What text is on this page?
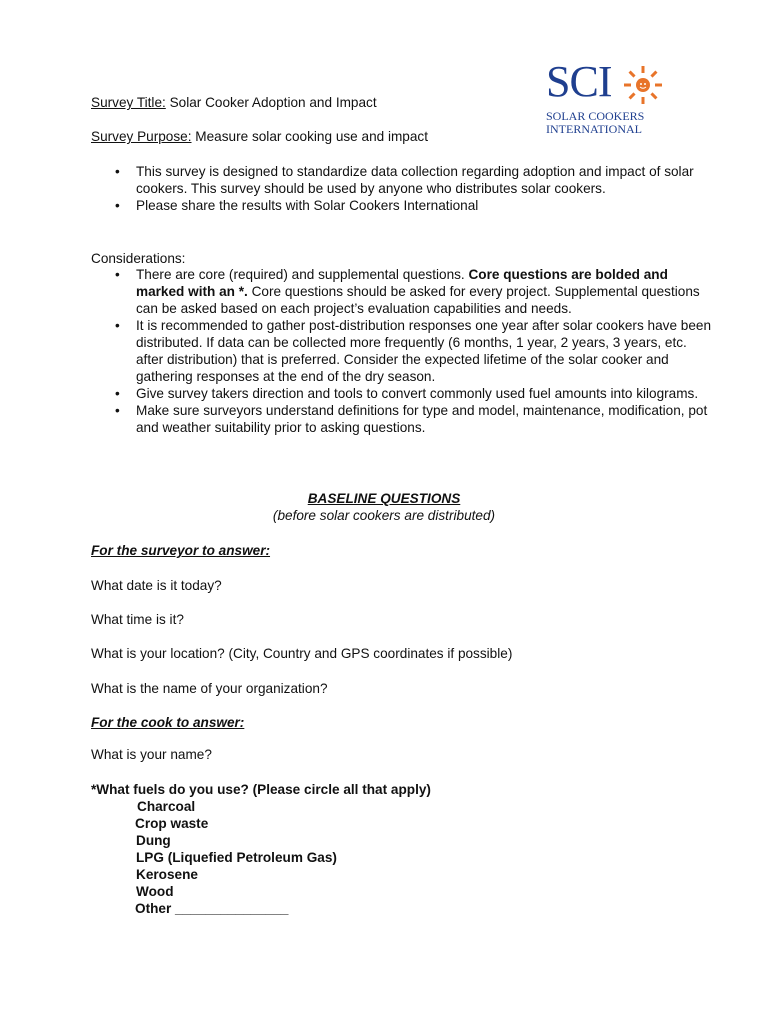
SCI
SOLAR COOKERS
INTERNATIONAL
Survey Title: Solar Cooker Adoption and Impact
Survey Purpose: Measure solar cooking use and impact
• This survey is designed to standardize data collection regarding adoption and impact of solar cookers. This survey should be used by anyone who distributes solar cookers.
• Please share the results with Solar Cookers International
Considerations:
• There are core (required) and supplemental questions. Core questions are bolded and marked with an *. Core questions should be asked for every project. Supplemental questions can be asked based on each project’s evaluation capabilities and needs.
• It is recommended to gather post-distribution responses one year after solar cookers have been distributed. If data can be collected more frequently (6 months, 1 year, 2 years, 3 years, etc. after distribution) that is preferred. Consider the expected lifetime of the solar cooker and gathering responses at the end of the dry season.
• Give survey takers direction and tools to convert commonly used fuel amounts into kilograms.
• Make sure surveyors understand definitions for type and model, maintenance, modification, pot and weather suitability prior to asking questions.
BASELINE QUESTIONS
(before solar cookers are distributed)
For the surveyor to answer:
What date is it today?
What time is it?
What is your location? (City, Country and GPS coordinates if possible)
What is the name of your organization?
For the cook to answer:
What is your name?
*What fuels do you use? (Please circle all that apply)
Charcoal
Crop waste
Dung
LPG (Liquefied Petroleum Gas)
Kerosene
Wood
Other _______________
